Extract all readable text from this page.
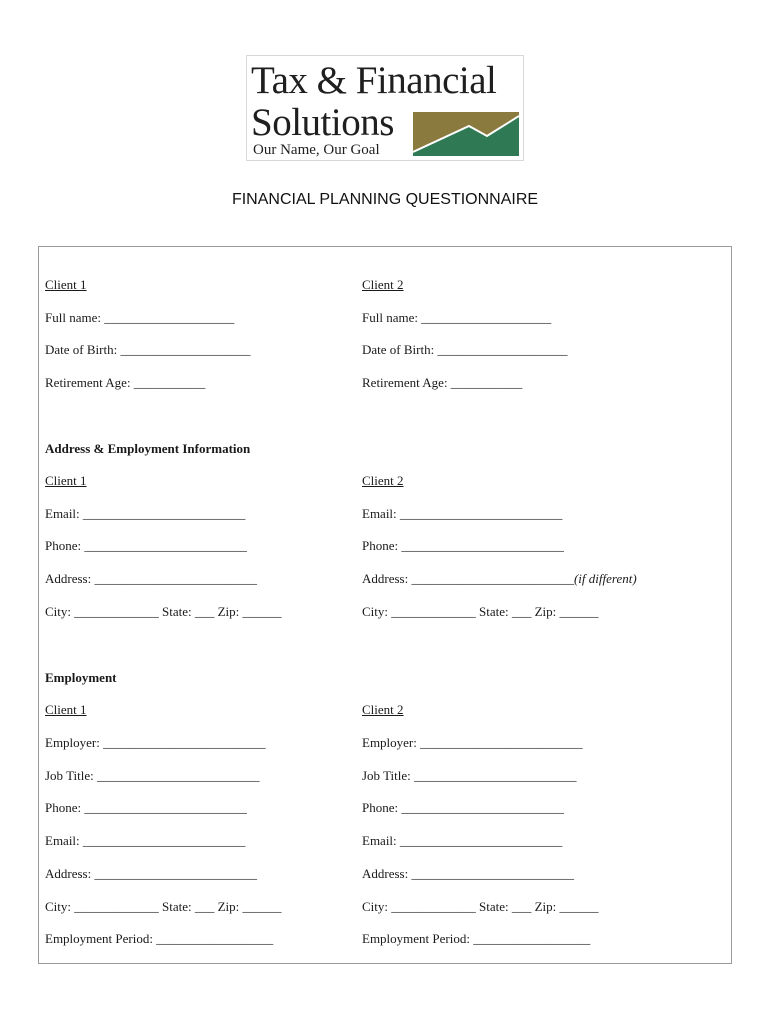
Tax & Financial
Solutions
Our Name, Our Goal
FINANCIAL PLANNING QUESTIONNAIRE
Client 1	Client 2
Full name: ____________________	Full name: ____________________
Date of Birth: ____________________	Date of Birth: ____________________
Retirement Age: ___________	Retirement Age: ___________
Address & Employment Information
Client 1	Client 2
Email: _________________________	Email: _________________________
Phone: _________________________	Phone: _________________________
Address: _________________________	Address: _________________________(if different)
City: _____________ State: ___ Zip: ______	City: _____________ State: ___ Zip: ______
Employment
Client 1	Client 2
Employer: _________________________	Employer: _________________________
Job Title: _________________________	Job Title: _________________________
Phone: _________________________	Phone: _________________________
Email: _________________________	Email: _________________________
Address: _________________________	Address: _________________________
City: _____________ State: ___ Zip: ______	City: _____________ State: ___ Zip: ______
Employment Period: __________________	Employment Period: __________________
